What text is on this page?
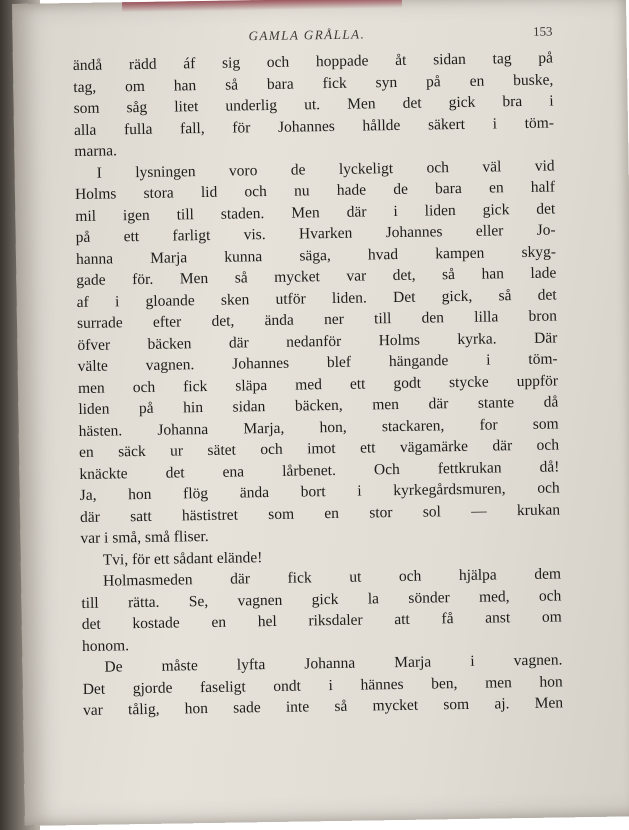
GAMLA GRÅLLA.	153
ändå rädd áf sig och hoppade åt sidan tag på
tag, om han så bara fick syn på en buske,
som såg litet underlig ut. Men det gick bra i
alla fulla fall, för Johannes hållde säkert i töm-
marna.
I lysningen voro de lyckeligt och väl vid
Holms stora lid och nu hade de bara en half
mil igen till staden. Men där i liden gick det
på ett farligt vis. Hvarken Johannes eller Jo-
hanna Marja kunna säga, hvad kampen skyg-
gade för. Men så mycket var det, så han lade
af i gloande sken utför liden. Det gick, så det
surrade efter det, ända ner till den lilla bron
öfver bäcken där nedanför Holms kyrka. Där
välte vagnen. Johannes blef hängande i töm-
men och fick släpa med ett godt stycke uppför
liden på hin sidan bäcken, men där stante då
hästen. Johanna Marja, hon, stackaren, for som
en säck ur sätet och imot ett vägamärke där och
knäckte det ena lårbenet. Och fettkrukan då!
Ja, hon flög ända bort i kyrkegårdsmuren, och
där satt hästistret som en stor sol — krukan
var i små, små fliser.
Tvi, för ett sådant elände!
Holmasmeden där fick ut och hjälpa dem
till rätta. Se, vagnen gick la sönder med, och
det kostade en hel riksdaler att få anst om
honom.
De måste lyfta Johanna Marja i vagnen.
Det gjorde faseligt ondt i hännes ben, men hon
var tålig, hon sade inte så mycket som aj. Men
